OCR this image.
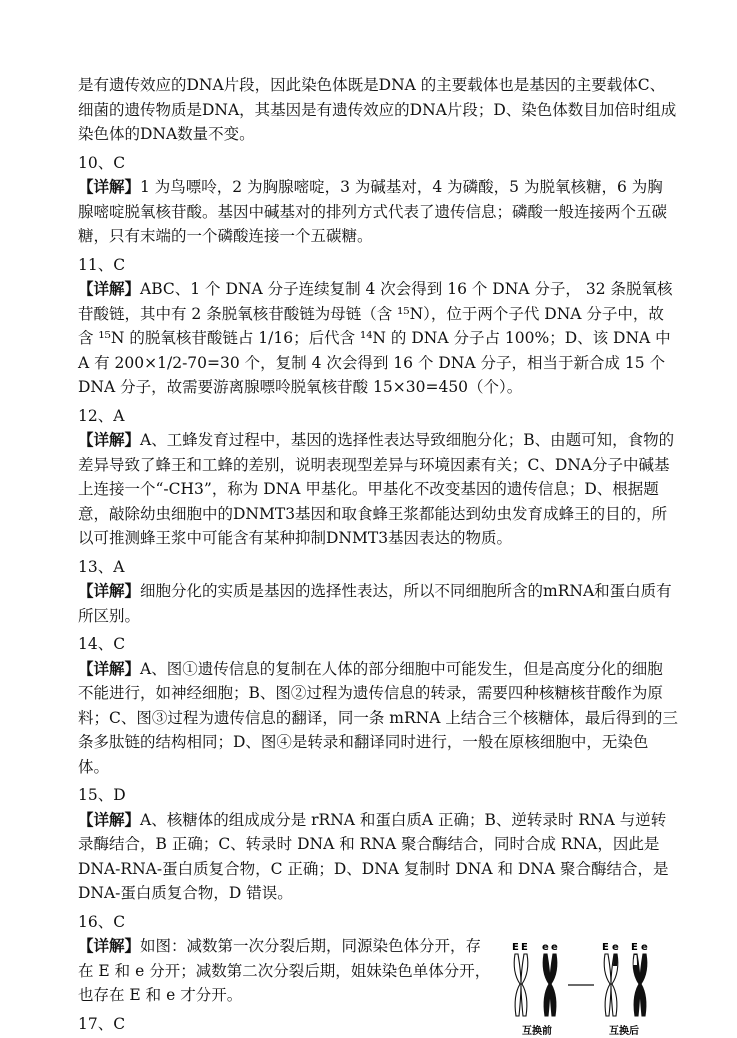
是有遗传效应的DNA片段，因此染色体既是DNA 的主要载体也是基因的主要载体C、细菌的遗传物质是DNA，其基因是有遗传效应的DNA片段；D、染色体数目加倍时组成染色体的DNA数量不变。

10、C

【详解】1 为鸟嘌呤，2 为胸腺嘧啶，3 为碱基对，4 为磷酸，5 为脱氧核糖，6 为胸腺嘧啶脱氧核苷酸。基因中碱基对的排列方式代表了遗传信息；磷酸一般连接两个五碳糖，只有末端的一个磷酸连接一个五碳糖。

11、C

【详解】ABC、1 个 DNA 分子连续复制 4 次会得到 16 个 DNA 分子， 32 条脱氧核苷酸链，其中有 2 条脱氧核苷酸链为母链（含 ¹⁵N），位于两个子代 DNA 分子中，故含 ¹⁵N 的脱氧核苷酸链占 1/16；后代含 ¹⁴N 的 DNA 分子占 100%；D、该 DNA 中 A 有 200×1/2-70=30 个，复制 4 次会得到 16 个 DNA 分子，相当于新合成 15 个 DNA 分子，故需要游离腺嘌呤脱氧核苷酸 15×30=450（个）。

12、A

【详解】A、工蜂发育过程中，基因的选择性表达导致细胞分化；B、由题可知，食物的差异导致了蜂王和工蜂的差别，说明表现型差异与环境因素有关；C、DNA分子中碱基上连接一个“-CH3”，称为 DNA 甲基化。甲基化不改变基因的遗传信息；D、根据题意，敲除幼虫细胞中的DNMT3基因和取食蜂王浆都能达到幼虫发育成蜂王的目的，所以可推测蜂王浆中可能含有某种抑制DNMT3基因表达的物质。

13、A

【详解】细胞分化的实质是基因的选择性表达，所以不同细胞所含的mRNA和蛋白质有所区别。

14、C

【详解】A、图①遗传信息的复制在人体的部分细胞中可能发生，但是高度分化的细胞不能进行，如神经细胞；B、图②过程为遗传信息的转录，需要四种核糖核苷酸作为原料；C、图③过程为遗传信息的翻译，同一条 mRNA 上结合三个核糖体，最后得到的三条多肽链的结构相同；D、图④是转录和翻译同时进行，一般在原核细胞中，无染色体。

15、D

【详解】A、核糖体的组成成分是 rRNA 和蛋白质A 正确；B、逆转录时 RNA 与逆转录酶结合，B 正确；C、转录时 DNA 和 RNA 聚合酶结合，同时合成 RNA，因此是 DNA-RNA-蛋白质复合物，C 正确；D、DNA 复制时 DNA 和 DNA 聚合酶结合，是 DNA-蛋白质复合物，D 错误。

16、C

【详解】如图：减数第一次分裂后期，同源染色体分开，存在 E 和 e 分开；减数第二次分裂后期，姐妹染色单体分开，也存在 E 和 e 才分开。

E E e e	E e E e
互换前	互换后

17、C
